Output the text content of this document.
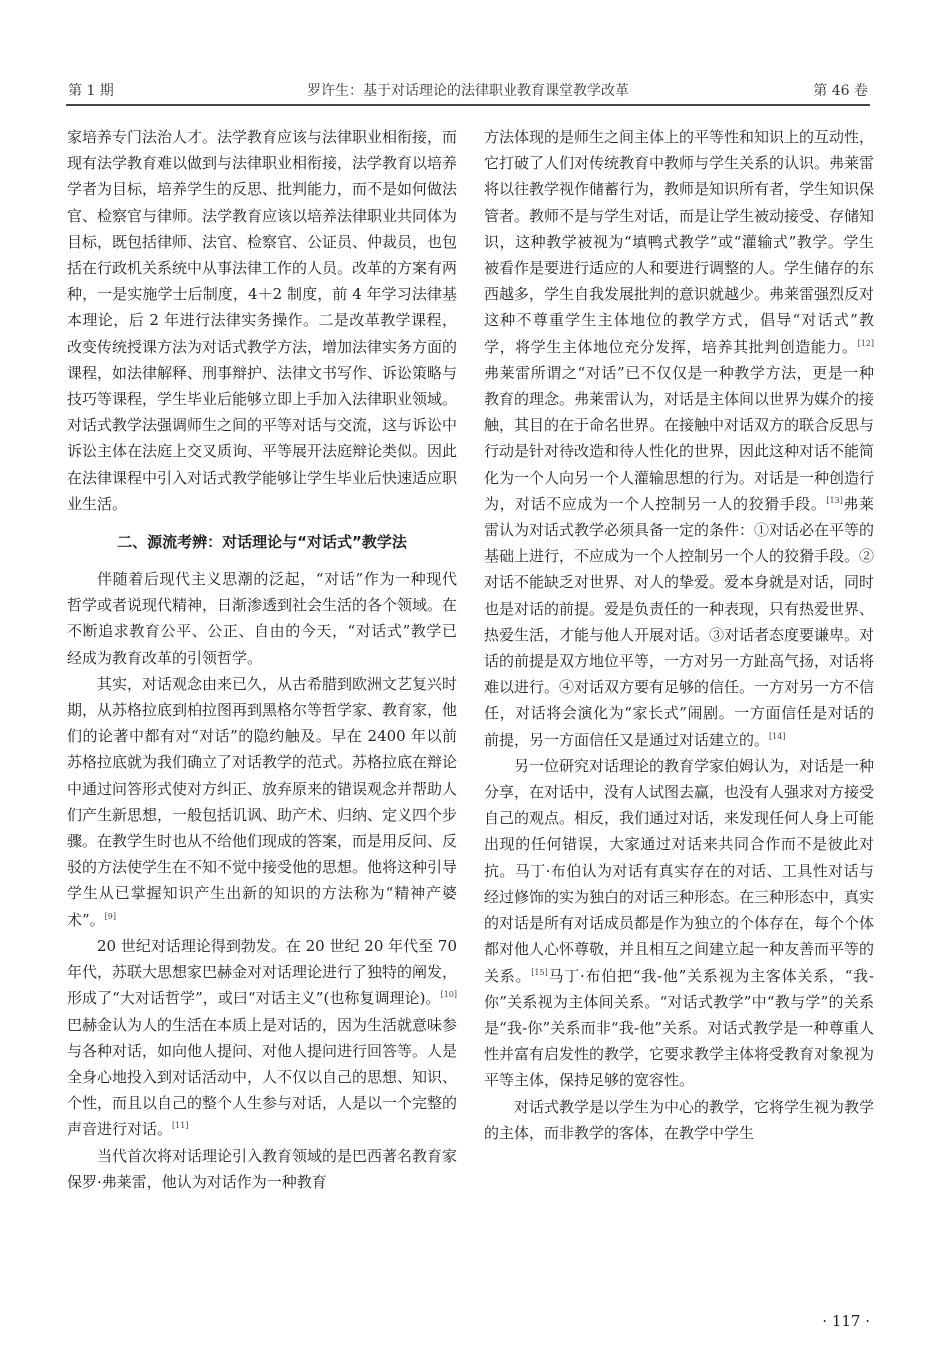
第 1 期	罗许生：基于对话理论的法律职业教育课堂教学改革	第 46 卷

家培养专门法治人才。法学教育应该与法律职业相衔接，而现有法学教育难以做到与法律职业相衔接，法学教育以培养学者为目标，培养学生的反思、批判能力，而不是如何做法官、检察官与律师。法学教育应该以培养法律职业共同体为目标，既包括律师、法官、检察官、公证员、仲裁员，也包括在行政机关系统中从事法律工作的人员。改革的方案有两种，一是实施学士后制度，4＋2 制度，前 4 年学习法律基本理论，后 2 年进行法律实务操作。二是改革教学课程，改变传统授课方法为对话式教学方法，增加法律实务方面的课程，如法律解释、刑事辩护、法律文书写作、诉讼策略与技巧等课程，学生毕业后能够立即上手加入法律职业领域。对话式教学法强调师生之间的平等对话与交流，这与诉讼中诉讼主体在法庭上交叉质询、平等展开法庭辩论类似。因此在法律课程中引入对话式教学能够让学生毕业后快速适应职业生活。

二、源流考辨：对话理论与“对话式”教学法

伴随着后现代主义思潮的泛起，“对话”作为一种现代哲学或者说现代精神，日渐渗透到社会生活的各个领域。在不断追求教育公平、公正、自由的今天，“对话式”教学已经成为教育改革的引领哲学。

其实，对话观念由来已久，从古希腊到欧洲文艺复兴时期，从苏格拉底到柏拉图再到黑格尔等哲学家、教育家，他们的论著中都有对“对话”的隐约触及。早在 2400 年以前苏格拉底就为我们确立了对话教学的范式。苏格拉底在辩论中通过问答形式使对方纠正、放弃原来的错误观念并帮助人们产生新思想，一般包括讥讽、助产术、归纳、定义四个步骤。在教学生时也从不给他们现成的答案，而是用反问、反驳的方法使学生在不知不觉中接受他的思想。他将这种引导学生从已掌握知识产生出新的知识的方法称为“精神产婆术”。[9]

20 世纪对话理论得到勃发。在 20 世纪 20 年代至 70 年代，苏联大思想家巴赫金对对话理论进行了独特的阐发，形成了“大对话哲学”，或曰“对话主义”(也称复调理论)。[10]巴赫金认为人的生活在本质上是对话的，因为生活就意味参与各种对话，如向他人提问、对他人提问进行回答等。人是全身心地投入到对话活动中，人不仅以自己的思想、知识、个性，而且以自己的整个人生参与对话，人是以一个完整的声音进行对话。[11]

当代首次将对话理论引入教育领域的是巴西著名教育家保罗·弗莱雷，他认为对话作为一种教育

方法体现的是师生之间主体上的平等性和知识上的互动性，它打破了人们对传统教育中教师与学生关系的认识。弗莱雷将以往教学视作储蓄行为，教师是知识所有者，学生知识保管者。教师不是与学生对话，而是让学生被动接受、存储知识，这种教学被视为“填鸭式教学”或“灌输式”教学。学生被看作是要进行适应的人和要进行调整的人。学生储存的东西越多，学生自我发展批判的意识就越少。弗莱雷强烈反对这种不尊重学生主体地位的教学方式，倡导“对话式”教学，将学生主体地位充分发挥，培养其批判创造能力。[12]弗莱雷所谓之“对话”已不仅仅是一种教学方法，更是一种教育的理念。弗莱雷认为，对话是主体间以世界为媒介的接触，其目的在于命名世界。在接触中对话双方的联合反思与行动是针对待改造和待人性化的世界，因此这种对话不能简化为一个人向另一个人灌输思想的行为。对话是一种创造行为，对话不应成为一个人控制另一人的狡猾手段。[13]弗莱雷认为对话式教学必须具备一定的条件：①对话必在平等的基础上进行，不应成为一个人控制另一个人的狡猾手段。②对话不能缺乏对世界、对人的挚爱。爱本身就是对话，同时也是对话的前提。爱是负责任的一种表现，只有热爱世界、热爱生活，才能与他人开展对话。③对话者态度要谦卑。对话的前提是双方地位平等，一方对另一方趾高气扬，对话将难以进行。④对话双方要有足够的信任。一方对另一方不信任，对话将会演化为“家长式”闹剧。一方面信任是对话的前提，另一方面信任又是通过对话建立的。[14]

另一位研究对话理论的教育学家伯姆认为，对话是一种分享，在对话中，没有人试图去赢，也没有人强求对方接受自己的观点。相反，我们通过对话，来发现任何人身上可能出现的任何错误，大家通过对话来共同合作而不是彼此对抗。马丁·布伯认为对话有真实存在的对话、工具性对话与经过修饰的实为独白的对话三种形态。在三种形态中，真实的对话是所有对话成员都是作为独立的个体存在，每个个体都对他人心怀尊敬，并且相互之间建立起一种友善而平等的关系。[15]马丁·布伯把“我-他”关系视为主客体关系，“我-你”关系视为主体间关系。“对话式教学”中“教与学”的关系是“我-你”关系而非“我-他”关系。对话式教学是一种尊重人性并富有启发性的教学，它要求教学主体将受教育对象视为平等主体，保持足够的宽容性。

对话式教学是以学生为中心的教学，它将学生视为教学的主体，而非教学的客体，在教学中学生

· 117 ·
